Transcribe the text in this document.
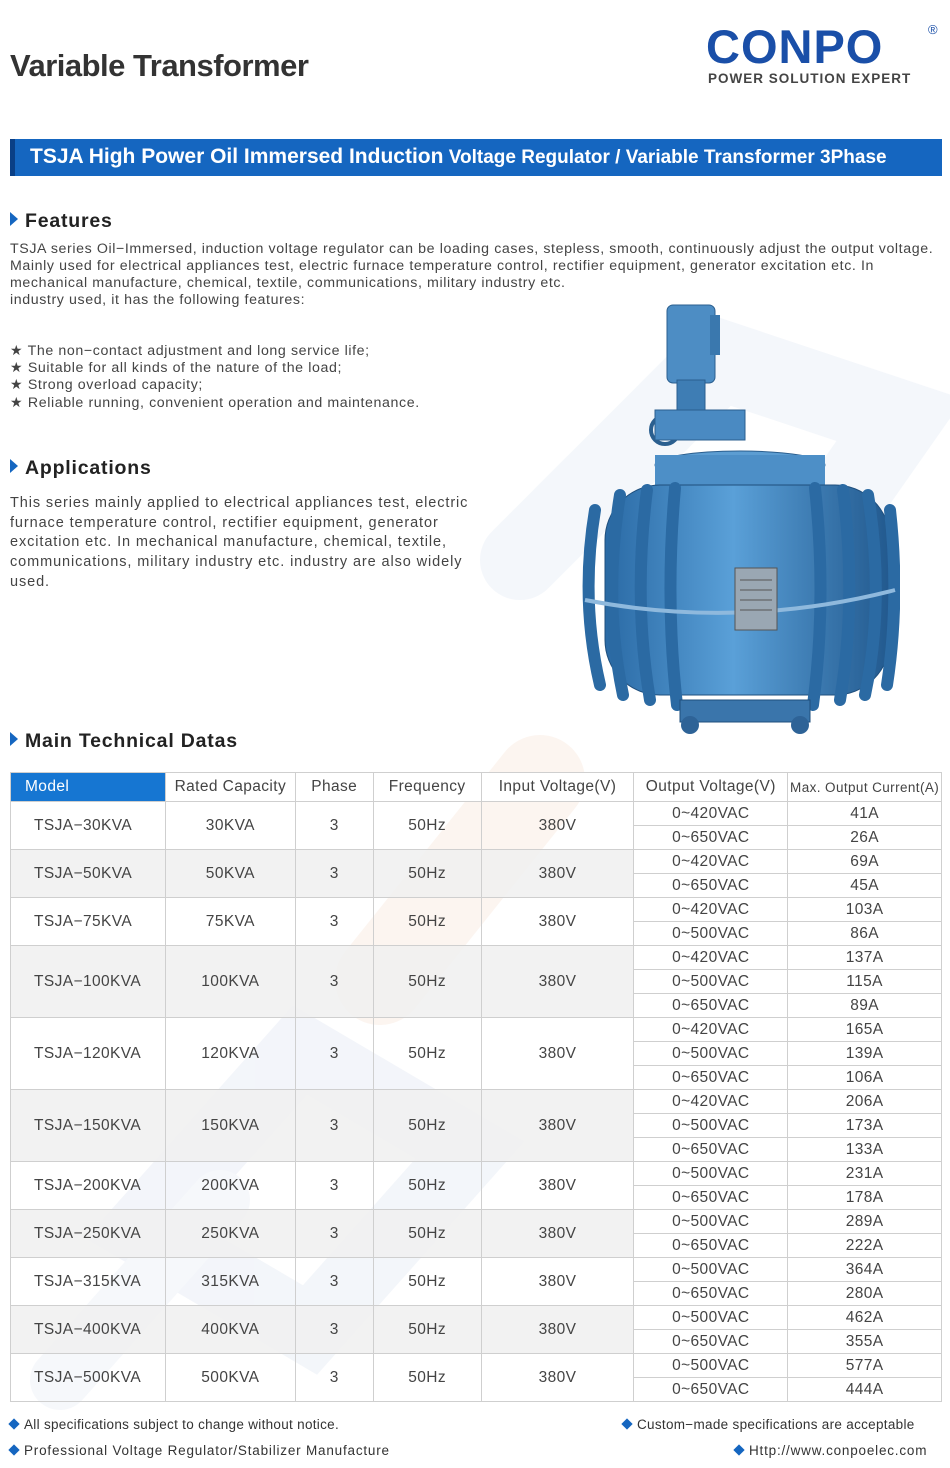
Variable Transformer	CONPO	®
POWER SOLUTION EXPERT
TSJA High Power Oil Immersed Induction Voltage Regulator / Variable Transformer 3Phase
Features
TSJA series Oil−Immersed, induction voltage regulator can be loading cases, stepless, smooth, continuously adjust the output voltage. Mainly used for electrical appliances test, electric furnace temperature control, rectifier equipment, generator excitation etc. In mechanical manufacture, chemical, textile, communications, military industry etc.
industry used, it has the following features:
★ The non−contact adjustment and long service life;
★ Suitable for all kinds of the nature of the load;
★ Strong overload capacity;
★ Reliable running, convenient operation and maintenance.
Applications
This series mainly applied to electrical appliances test, electric furnace temperature control, rectifier equipment, generator excitation etc. In mechanical manufacture, chemical, textile, communications, military industry etc. industry are also widely used.
Main Technical Datas
Model	Rated Capacity	Phase	Frequency	Input Voltage(V)	Output Voltage(V)	Max. Output Current(A)
TSJA−30KVA	30KVA	3	50Hz	380V	0~420VAC	41A
					0~650VAC	26A
TSJA−50KVA	50KVA	3	50Hz	380V	0~420VAC	69A
					0~650VAC	45A
TSJA−75KVA	75KVA	3	50Hz	380V	0~420VAC	103A
					0~500VAC	86A
TSJA−100KVA	100KVA	3	50Hz	380V	0~420VAC	137A
					0~500VAC	115A
					0~650VAC	89A
TSJA−120KVA	120KVA	3	50Hz	380V	0~420VAC	165A
					0~500VAC	139A
					0~650VAC	106A
TSJA−150KVA	150KVA	3	50Hz	380V	0~420VAC	206A
					0~500VAC	173A
					0~650VAC	133A
TSJA−200KVA	200KVA	3	50Hz	380V	0~500VAC	231A
					0~650VAC	178A
TSJA−250KVA	250KVA	3	50Hz	380V	0~500VAC	289A
					0~650VAC	222A
TSJA−315KVA	315KVA	3	50Hz	380V	0~500VAC	364A
					0~650VAC	280A
TSJA−400KVA	400KVA	3	50Hz	380V	0~500VAC	462A
					0~650VAC	355A
TSJA−500KVA	500KVA	3	50Hz	380V	0~500VAC	577A
					0~650VAC	444A
All specifications subject to change without notice.	Custom−made specifications are acceptable
Professional Voltage Regulator/Stabilizer Manufacture	Http://www.conpoelec.com
